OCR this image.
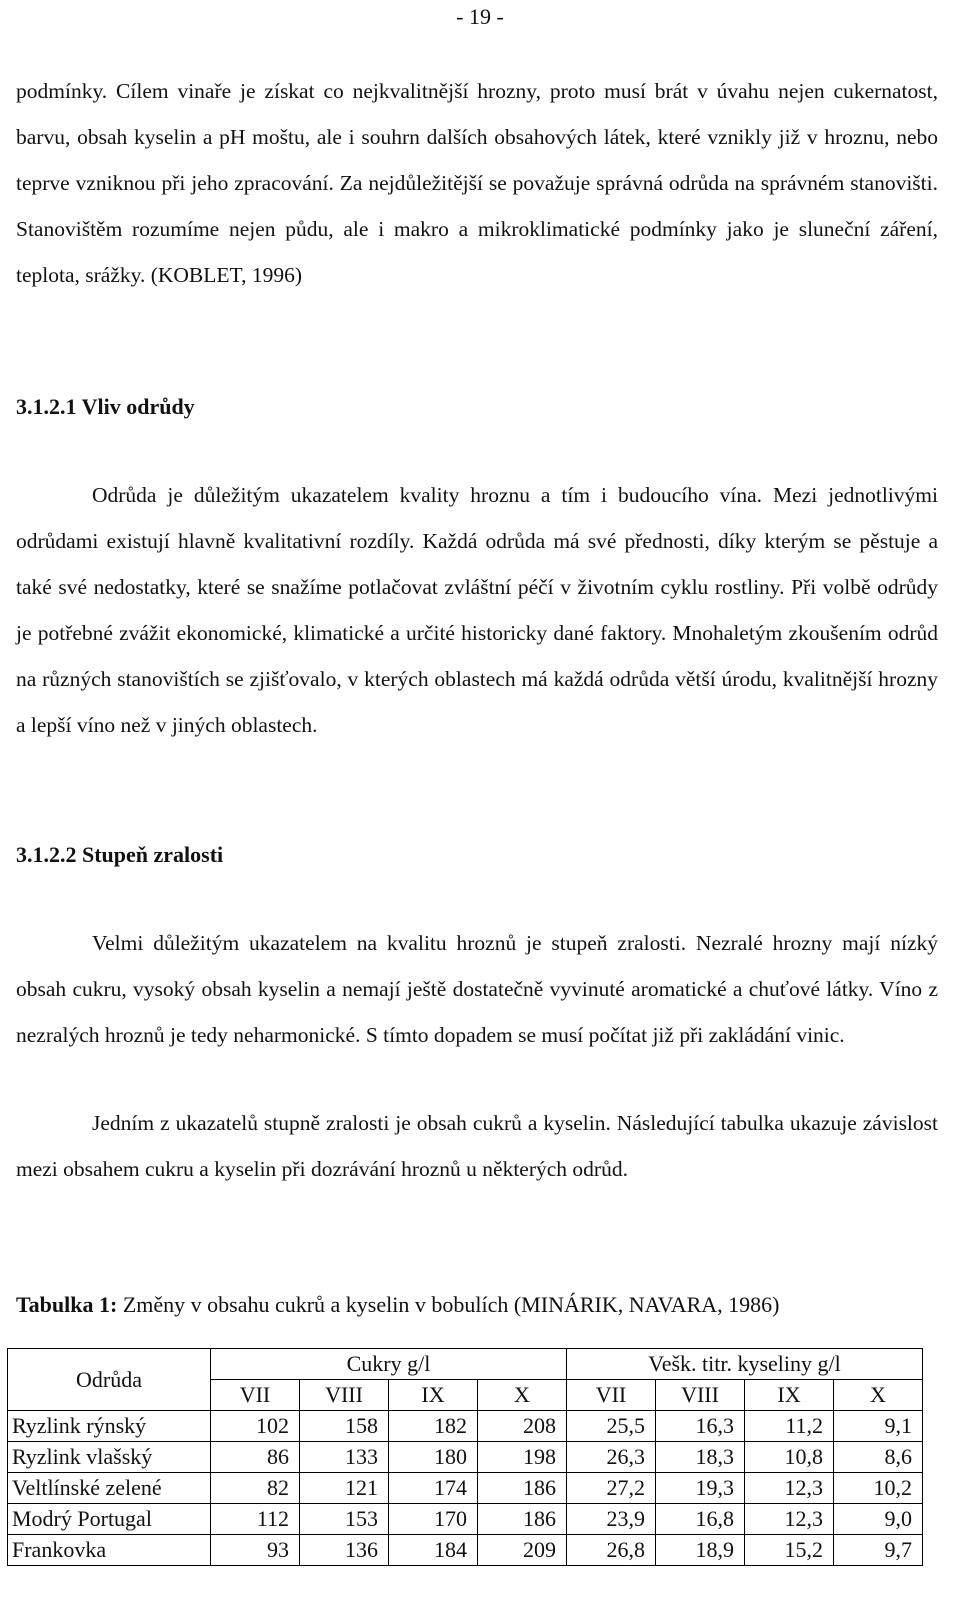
- 19 -

podmínky. Cílem vinaře je získat co nejkvalitnější hrozny, proto musí brát v úvahu nejen cukernatost, barvu, obsah kyselin a pH moštu, ale i souhrn dalších obsahových látek, které vznikly již v hroznu, nebo teprve vzniknou při jeho zpracování. Za nejdůležitější se považuje správná odrůda na správném stanovišti. Stanovištěm rozumíme nejen půdu, ale i makro a mikroklimatické podmínky jako je sluneční záření, teplota, srážky. (KOBLET, 1996)

3.1.2.1 Vliv odrůdy

Odrůda je důležitým ukazatelem kvality hroznu a tím i budoucího vína. Mezi jednotlivými odrůdami existují hlavně kvalitativní rozdíly. Každá odrůda má své přednosti, díky kterým se pěstuje a také své nedostatky, které se snažíme potlačovat zvláštní péčí v životním cyklu rostliny. Při volbě odrůdy je potřebné zvážit ekonomické, klimatické a určité historicky dané faktory. Mnohaletým zkoušením odrůd na různých stanovištích se zjišťovalo, v kterých oblastech má každá odrůda větší úrodu, kvalitnější hrozny a lepší víno než v jiných oblastech.

3.1.2.2 Stupeň zralosti

Velmi důležitým ukazatelem na kvalitu hroznů je stupeň zralosti. Nezralé hrozny mají nízký obsah cukru, vysoký obsah kyselin a nemají ještě dostatečně vyvinuté aromatické a chuťové látky. Víno z nezralých hroznů je tedy neharmonické. S tímto dopadem se musí počítat již při zakládání vinic.

Jedním z ukazatelů stupně zralosti je obsah cukrů a kyselin. Následující tabulka ukazuje závislost mezi obsahem cukru a kyselin při dozrávání hroznů u některých odrůd.

Tabulka 1: Změny v obsahu cukrů a kyselin v bobulích (MINÁRIK, NAVARA, 1986)
Odrůda	Cukry g/l				Vešk. titr. kyseliny g/l			
	VII	VIII	IX	X	VII	VIII	IX	X
Ryzlink rýnský	102	158	182	208	25,5	16,3	11,2	9,1
Ryzlink vlašský	86	133	180	198	26,3	18,3	10,8	8,6
Veltlínské zelené	82	121	174	186	27,2	19,3	12,3	10,2
Modrý Portugal	112	153	170	186	23,9	16,8	12,3	9,0
Frankovka	93	136	184	209	26,8	18,9	15,2	9,7
